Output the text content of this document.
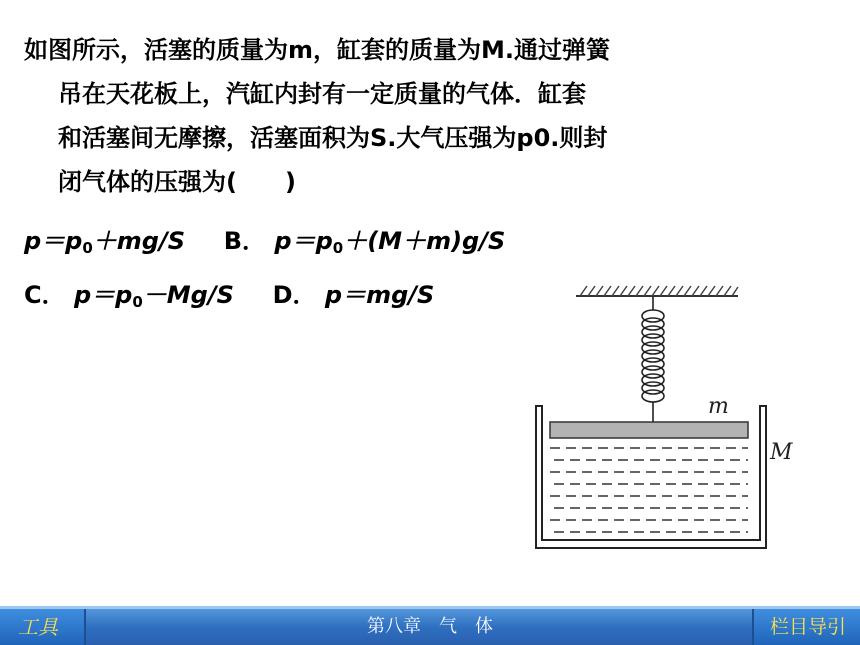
如图所示，活塞的质量为m，缸套的质量为M.通过弹簧
吊在天花板上，汽缸内封有一定质量的气体．缸套
和活塞间无摩擦，活塞面积为S.大气压强为p0.则封
闭气体的压强为(　　)
$p=p_0+mg/S$ B． $p=p_0+(M+m)g/S$
C． $p=p_0-Mg/S$ D． p＝mg/S
m
M
工具	栏目导引
第八章　气　体
